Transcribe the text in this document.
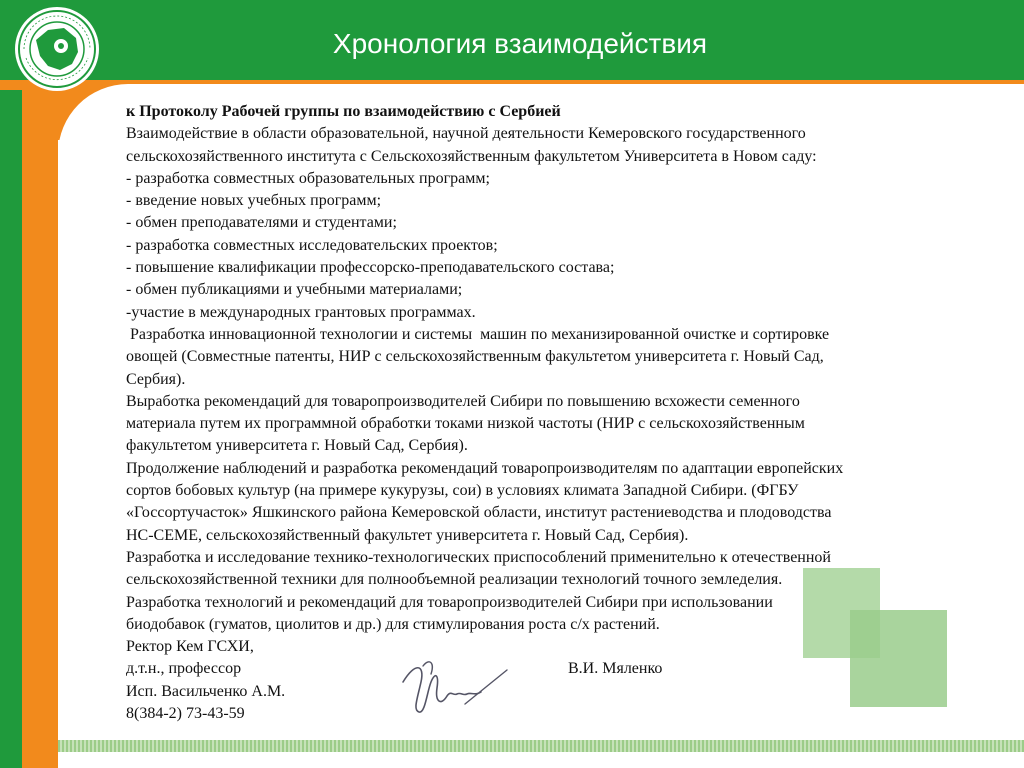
Хронология взаимодействия

к Протоколу Рабочей группы по взаимодействию с Сербией

Взаимодействие в области образовательной, научной деятельности Кемеровского государственного

сельскохозяйственного института с Сельскохозяйственным факультетом Университета в Новом саду:

- разработка совместных образовательных программ;

- введение новых учебных программ;

- обмен преподавателями и студентами;

- разработка совместных исследовательских проектов;

- повышение квалификации профессорско-преподавательского состава;

- обмен публикациями и учебными материалами;

-участие в международных грантовых программах.

Разработка инновационной технологии и системы  машин по механизированной очистке и сортировке

овощей (Совместные патенты, НИР с сельскохозяйственным факультетом университета г. Новый Сад,

Сербия).

Выработка рекомендаций для товаропроизводителей Сибири по повышению всхожести семенного

материала путем их программной обработки токами низкой частоты (НИР с сельскохозяйственным

факультетом университета г. Новый Сад, Сербия).

Продолжение наблюдений и разработка рекомендаций товаропроизводителям по адаптации европейских

сортов бобовых культур (на примере кукурузы, сои) в условиях климата Западной Сибири. (ФГБУ

«Госсортучасток» Яшкинского района Кемеровской области, институт растениеводства и плодоводства

НС-СЕМЕ, сельскохозяйственный факультет университета г. Новый Сад, Сербия).

Разработка и исследование технико-технологических приспособлений применительно к отечественной

сельскохозяйственной техники для полнообъемной реализации технологий точного земледелия.

Разработка технологий и рекомендаций для товаропроизводителей Сибири при использовании

биодобавок (гуматов, циолитов и др.) для стимулирования роста с/х растений.

Ректор Кем ГСХИ,

д.т.н., профессор	В.И. Мяленко

Исп. Васильченко А.М.

8(384-2) 73-43-59
